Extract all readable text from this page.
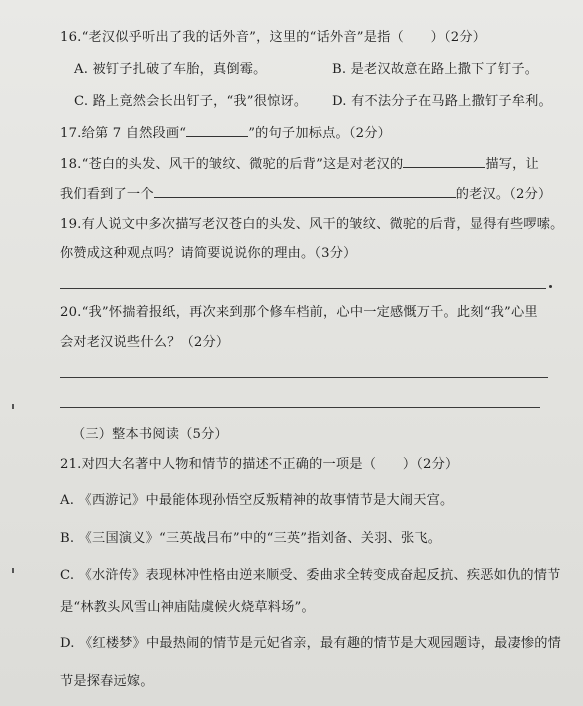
16.“老汉似乎听出了我的话外音”，这里的“话外音”是指（　　）（2分）
A. 被钉子扎破了车胎，真倒霉。	B. 是老汉故意在路上撒下了钉子。
C. 路上竟然会长出钉子，“我”很惊讶。 D. 有不法分子在马路上撒钉子牟利。
17.给第 7 自然段画“	”的句子加标点。（2分）
18.“苍白的头发、风干的皱纹、微驼的后背”这是对老汉的	描写，让
我们看到了一个	的老汉。（2分）
19.有人说文中多次描写老汉苍白的头发、风干的皱纹、微驼的后背，显得有些啰嗦。
你赞成这种观点吗？请简要说说你的理由。（3分）
20.“我”怀揣着报纸，再次来到那个修车档前，心中一定感慨万千。此刻“我”心里
会对老汉说些什么？（2分）
（三）整本书阅读（5分）
21.对四大名著中人物和情节的描述不正确的一项是（　　）（2分）
A. 《西游记》中最能体现孙悟空反叛精神的故事情节是大闹天宫。
B. 《三国演义》“三英战吕布”中的“三英”指刘备、关羽、张飞。
C. 《水浒传》表现林冲性格由逆来顺受、委曲求全转变成奋起反抗、疾恶如仇的情节
是“林教头风雪山神庙陆虞候火烧草料场”。
D. 《红楼梦》中最热闹的情节是元妃省亲，最有趣的情节是大观园题诗，最凄惨的情
节是探春远嫁。
